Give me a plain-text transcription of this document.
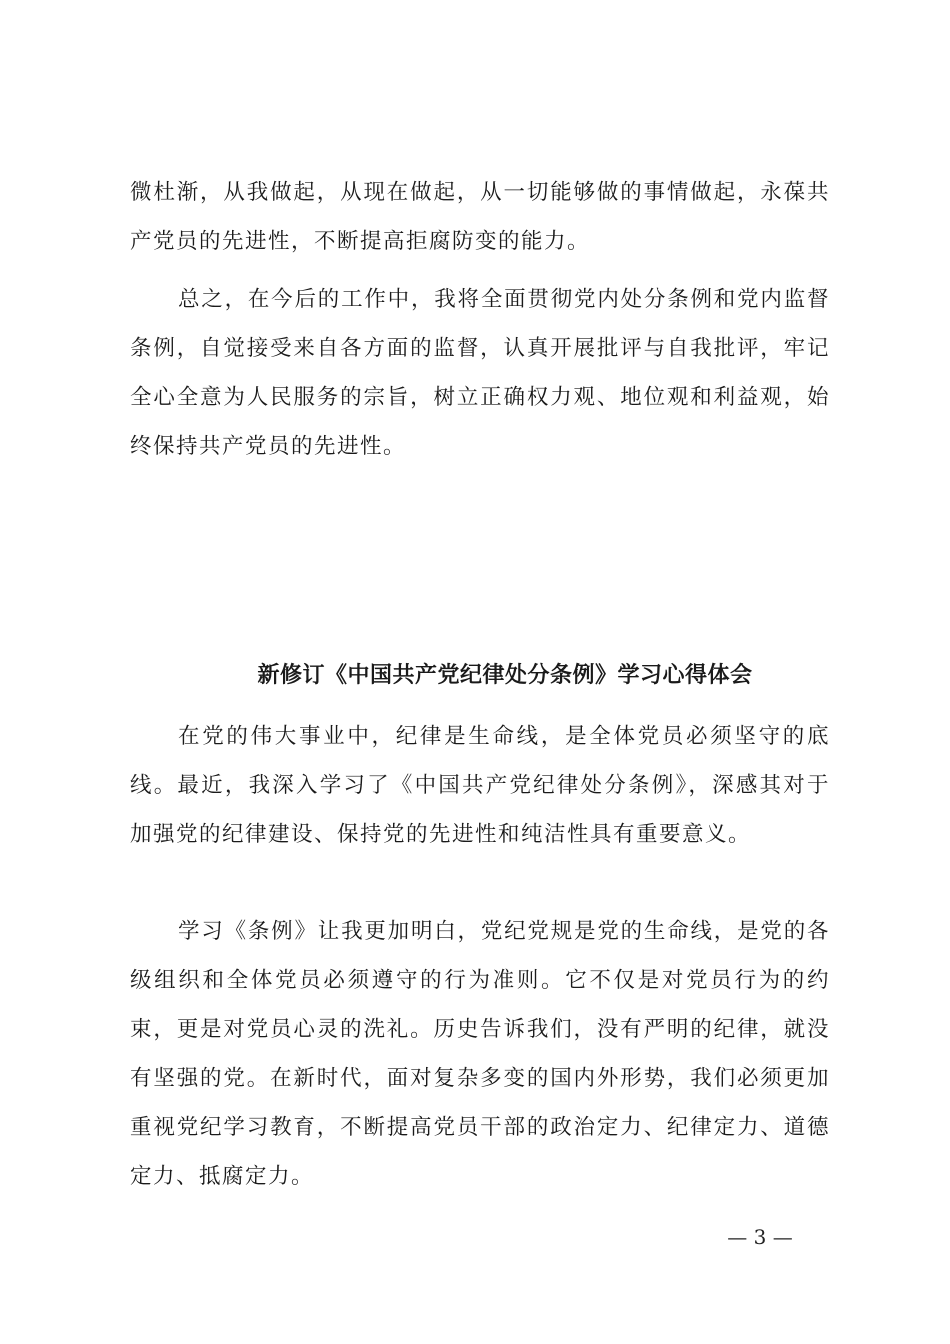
微杜渐，从我做起，从现在做起，从一切能够做的事情做起，永葆共产党员的先进性，不断提高拒腐防变的能力。

总之，在今后的工作中，我将全面贯彻党内处分条例和党内监督条例，自觉接受来自各方面的监督，认真开展批评与自我批评，牢记全心全意为人民服务的宗旨，树立正确权力观、地位观和利益观，始终保持共产党员的先进性。

新修订《中国共产党纪律处分条例》学习心得体会

在党的伟大事业中，纪律是生命线，是全体党员必须坚守的底线。最近，我深入学习了《中国共产党纪律处分条例》，深感其对于加强党的纪律建设、保持党的先进性和纯洁性具有重要意义。

学习《条例》让我更加明白，党纪党规是党的生命线，是党的各级组织和全体党员必须遵守的行为准则。它不仅是对党员行为的约束，更是对党员心灵的洗礼。历史告诉我们，没有严明的纪律，就没有坚强的党。在新时代，面对复杂多变的国内外形势，我们必须更加重视党纪学习教育，不断提高党员干部的政治定力、纪律定力、道德定力、抵腐定力。

— 3 —
